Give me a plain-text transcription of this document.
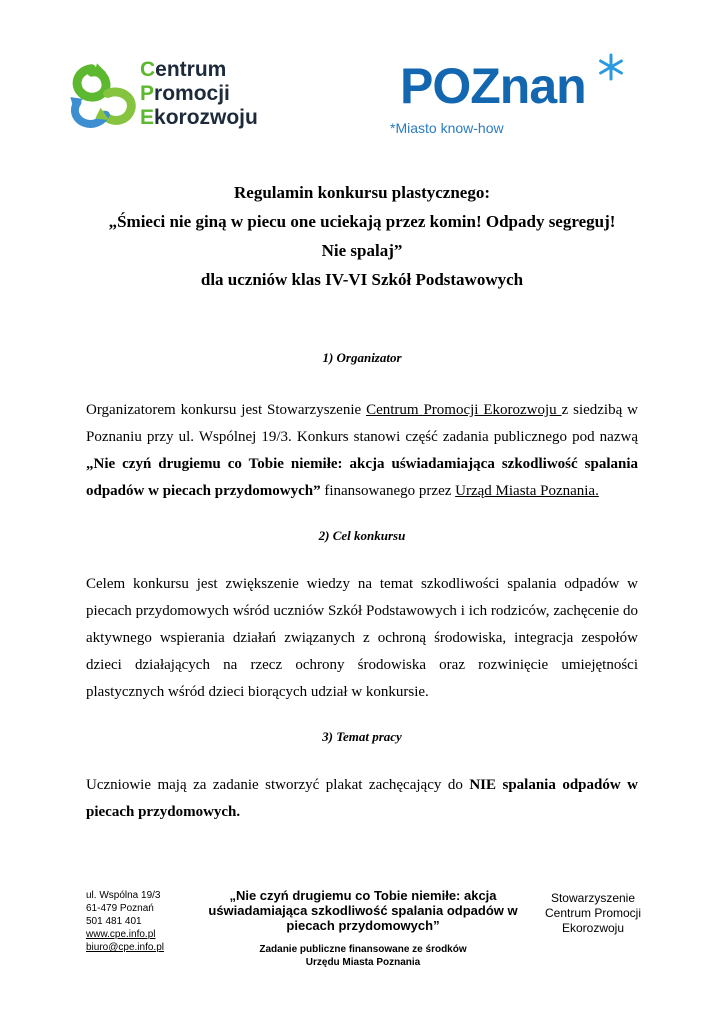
Centrum
Promocji
Ekorozwoju
POZnan
*Miasto know-how
Regulamin konkursu plastycznego:
„Śmieci nie giną w piecu one uciekają przez komin! Odpady segreguj!
Nie spalaj”
dla uczniów klas IV-VI Szkół Podstawowych
1) Organizator
Organizatorem konkursu jest Stowarzyszenie Centrum Promocji Ekorozwoju z siedzibą w Poznaniu przy ul. Wspólnej 19/3. Konkurs stanowi część zadania publicznego pod nazwą „Nie czyń drugiemu co Tobie niemiłe: akcja uświadamiająca szkodliwość spalania odpadów w piecach przydomowych” finansowanego przez Urząd Miasta Poznania.
2) Cel konkursu
Celem konkursu jest zwiększenie wiedzy na temat szkodliwości spalania odpadów w piecach przydomowych wśród uczniów Szkół Podstawowych i ich rodziców, zachęcenie do aktywnego wspierania działań związanych z ochroną środowiska, integracja zespołów dzieci działających na rzecz ochrony środowiska oraz rozwinięcie umiejętności plastycznych wśród dzieci biorących udział w konkursie.
3) Temat pracy
Uczniowie mają za zadanie stworzyć plakat zachęcający do NIE spalania odpadów w piecach przydomowych.
ul. Wspólna 19/3
61-479 Poznań
501 481 401
www.cpe.info.pl
biuro@cpe.info.pl
„Nie czyń drugiemu co Tobie niemiłe: akcja uświadamiająca szkodliwość spalania odpadów w piecach przydomowych”
Zadanie publiczne finansowane ze środków
Urzędu Miasta Poznania
Stowarzyszenie
Centrum Promocji
Ekorozwoju
